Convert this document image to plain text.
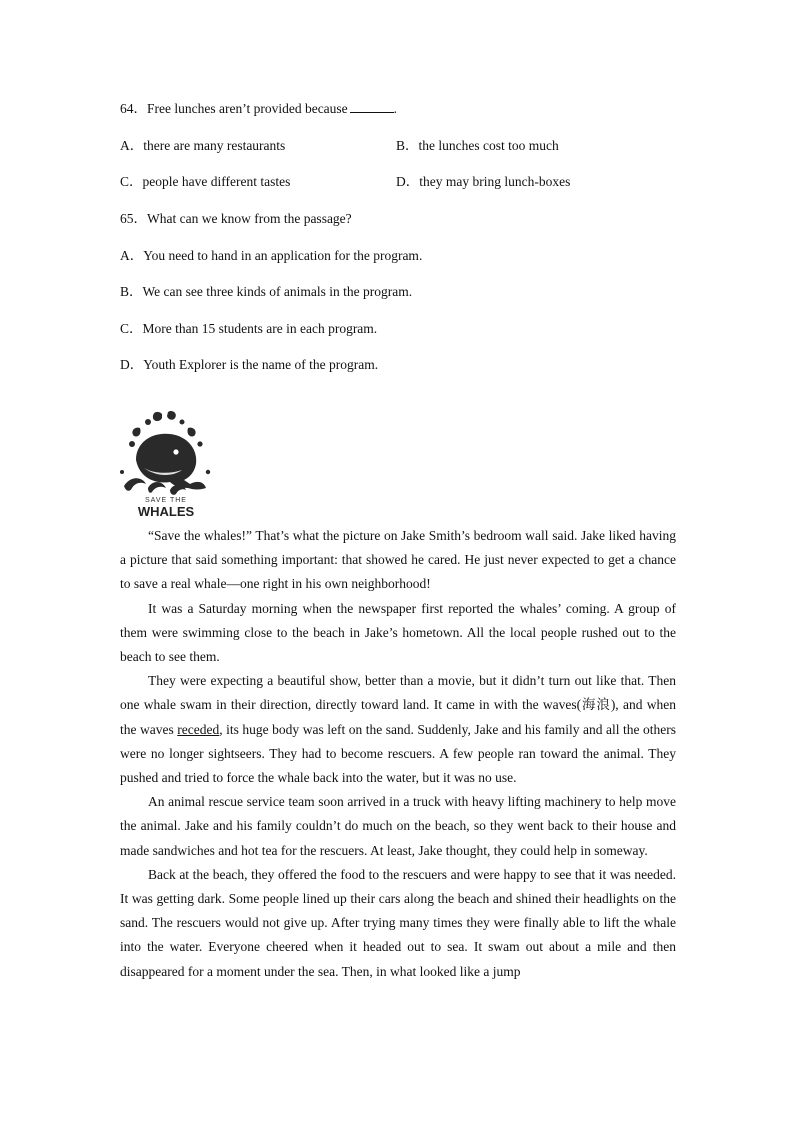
64．Free lunches aren’t provided because	.
A．there are many restaurants	B．the lunches cost too much
C．people have different tastes	D．they may bring lunch-boxes
65．What can we know from the passage?
A．You need to hand in an application for the program.
B．We can see three kinds of animals in the program.
C．More than 15 students are in each program.
D．Youth Explorer is the name of the program.
SAVE THE
WHALES

“Save the whales!” That’s what the picture on Jake Smith’s bedroom wall said. Jake liked having a picture that said something important: that showed he cared. He just never expected to get a chance to save a real whale—one right in his own neighborhood!

It was a Saturday morning when the newspaper first reported the whales’ coming. A group of them were swimming close to the beach in Jake’s hometown. All the local people rushed out to the beach to see them.

They were expecting a beautiful show, better than a movie, but it didn’t turn out like that. Then one whale swam in their direction, directly toward land. It came in with the waves(海浪), and when the waves receded, its huge body was left on the sand. Suddenly, Jake and his family and all the others were no longer sightseers. They had to become rescuers. A few people ran toward the animal. They pushed and tried to force the whale back into the water, but it was no use.

An animal rescue service team soon arrived in a truck with heavy lifting machinery to help move the animal. Jake and his family couldn’t do much on the beach, so they went back to their house and made sandwiches and hot tea for the rescuers. At least, Jake thought, they could help in someway.

Back at the beach, they offered the food to the rescuers and were happy to see that it was needed. It was getting dark. Some people lined up their cars along the beach and shined their headlights on the sand. The rescuers would not give up. After trying many times they were finally able to lift the whale into the water. Everyone cheered when it headed out to sea. It swam out about a mile and then disappeared for a moment under the sea. Then, in what looked like a jump
